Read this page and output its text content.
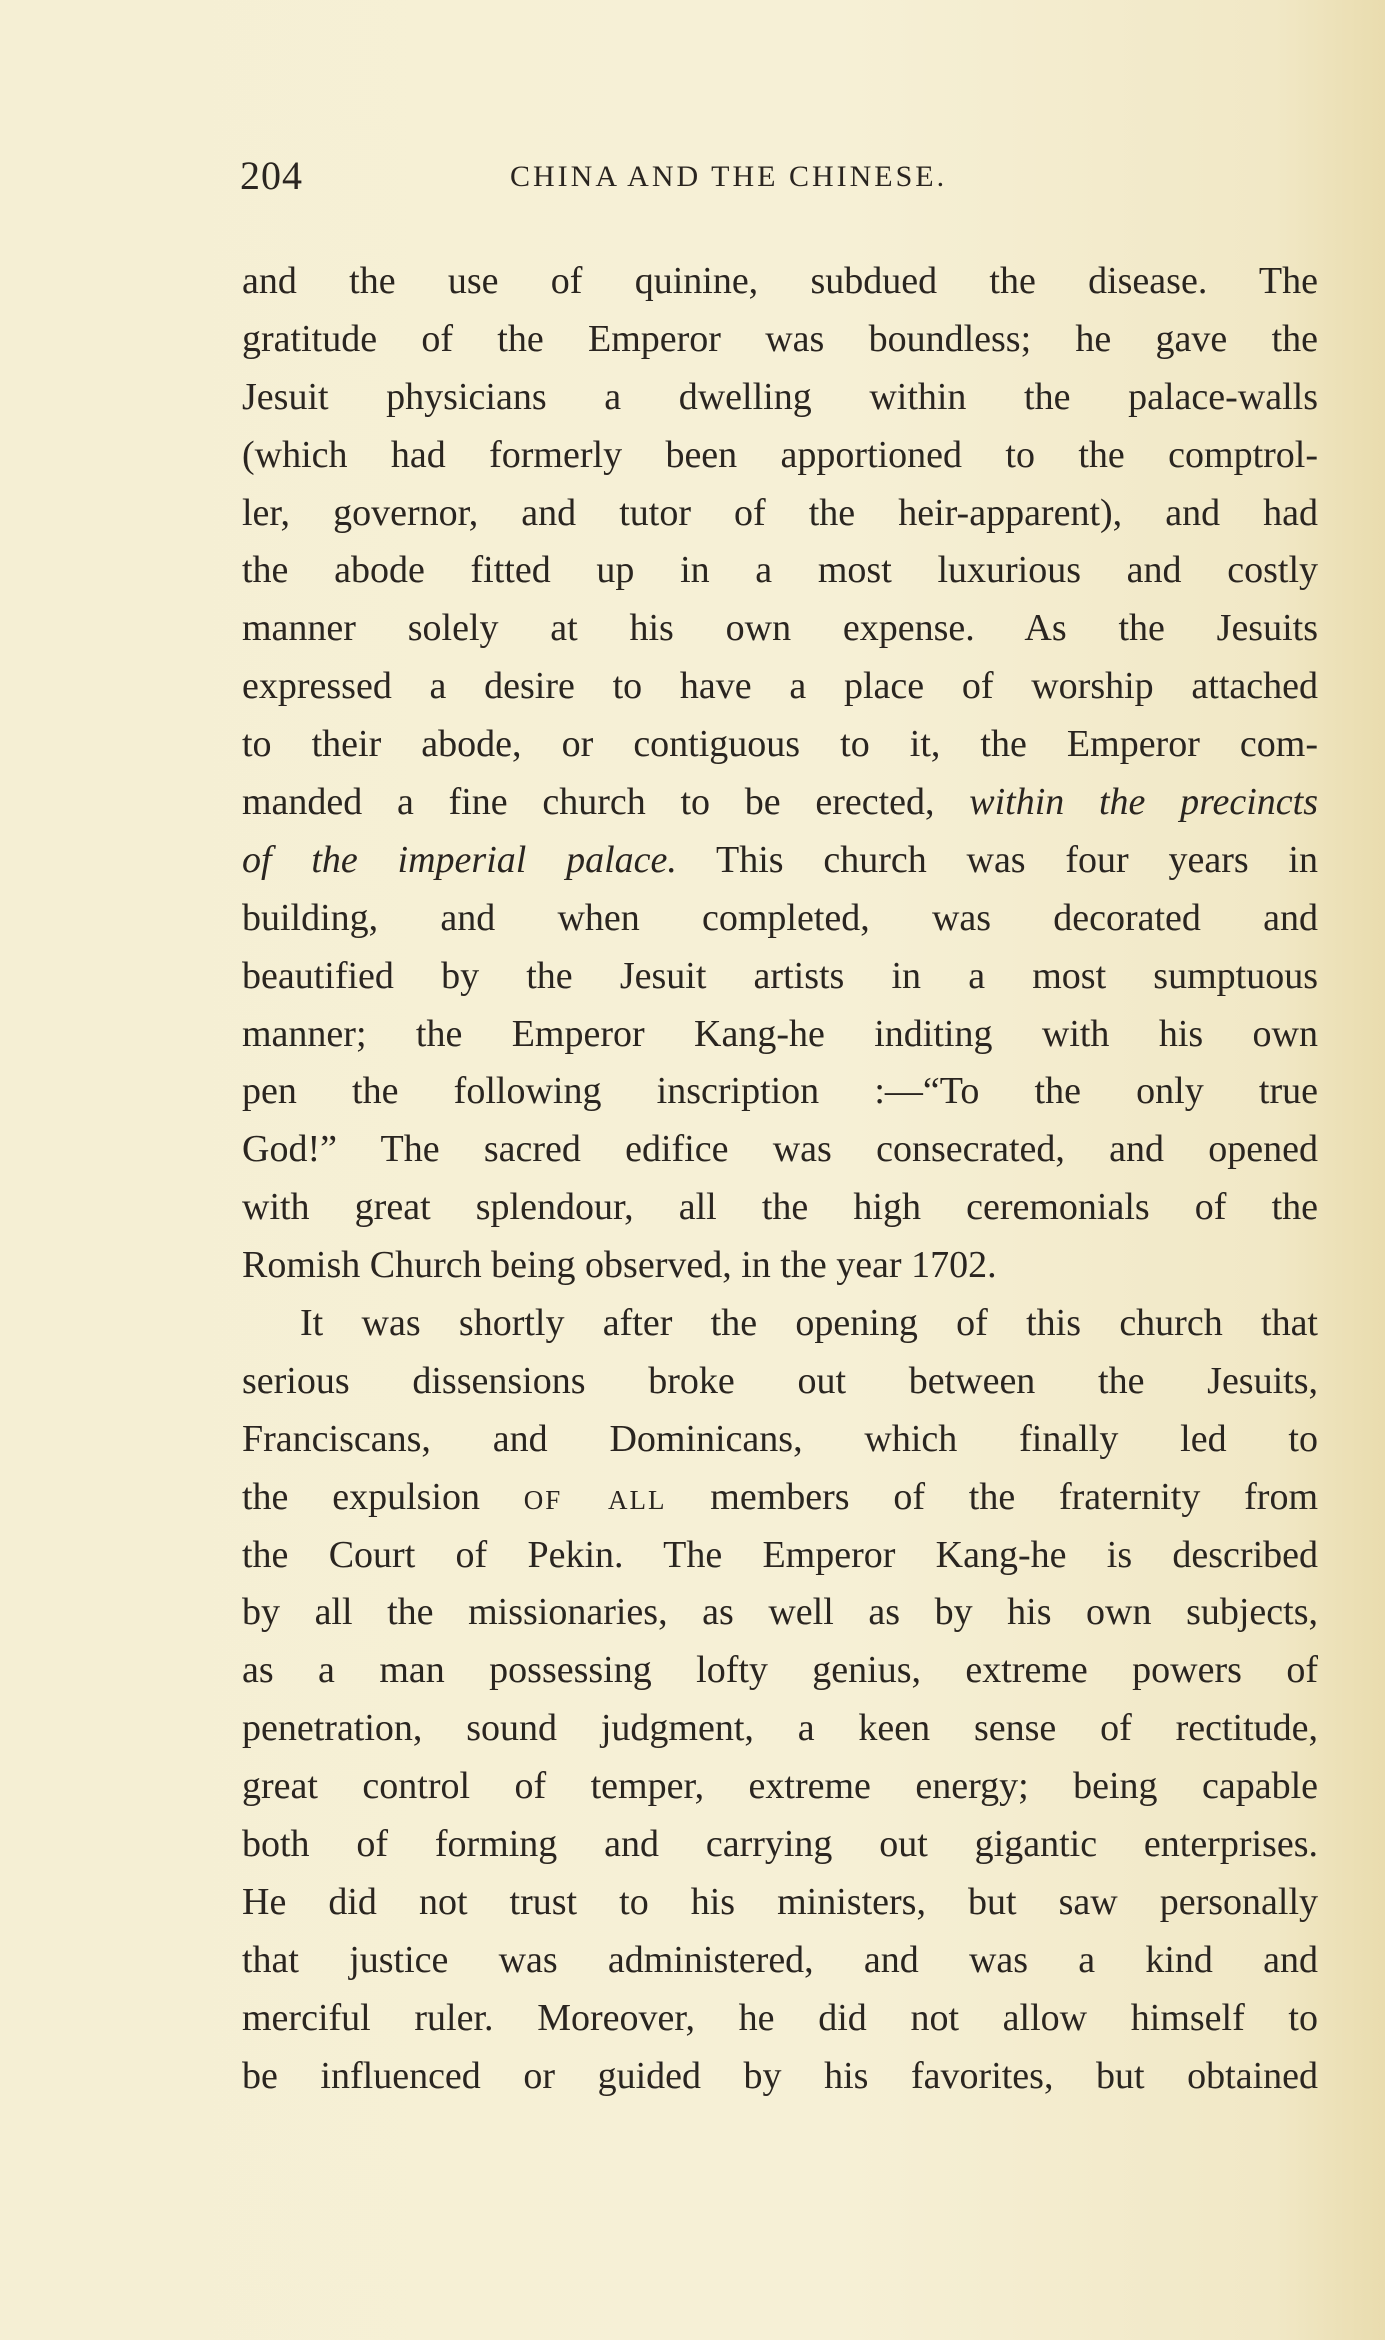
204	CHINA AND THE CHINESE.
and the use of quinine, subdued the disease. The
gratitude of the Emperor was boundless; he gave the
Jesuit physicians a dwelling within the palace-walls
(which had formerly been apportioned to the comptrol-
ler, governor, and tutor of the heir-apparent), and had
the abode fitted up in a most luxurious and costly
manner solely at his own expense. As the Jesuits
expressed a desire to have a place of worship attached
to their abode, or contiguous to it, the Emperor com-
manded a fine church to be erected, within the precincts
of the imperial palace. This church was four years in
building, and when completed, was decorated and
beautified by the Jesuit artists in a most sumptuous
manner; the Emperor Kang-he inditing with his own
pen the following inscription :—“To the only true
God!” The sacred edifice was consecrated, and opened
with great splendour, all the high ceremonials of the
Romish Church being observed, in the year 1702.
It was shortly after the opening of this church that
serious dissensions broke out between the Jesuits,
Franciscans, and Dominicans, which finally led to
the expulsion of all members of the fraternity from
the Court of Pekin. The Emperor Kang-he is described
by all the missionaries, as well as by his own subjects,
as a man possessing lofty genius, extreme powers of
penetration, sound judgment, a keen sense of rectitude,
great control of temper, extreme energy; being capable
both of forming and carrying out gigantic enterprises.
He did not trust to his ministers, but saw personally
that justice was administered, and was a kind and
merciful ruler. Moreover, he did not allow himself to
be influenced or guided by his favorites, but obtained
